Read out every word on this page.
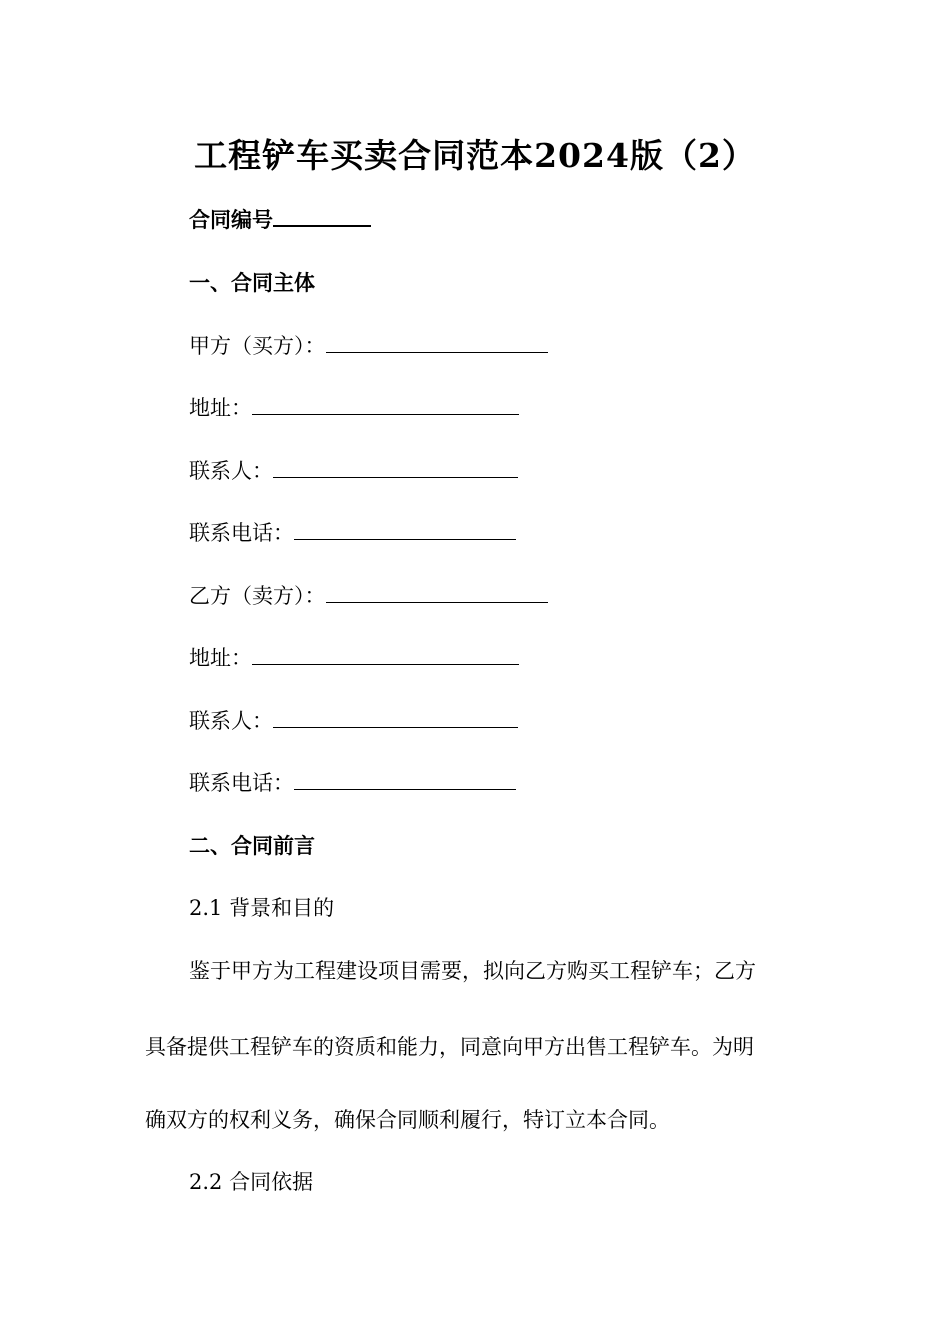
工程铲车买卖合同范本2024版（2）
合同编号
一、合同主体
甲方（买方）：
地址：
联系人：
联系电话：
乙方（卖方）：
地址：
联系人：
联系电话：
二、合同前言
2.1 背景和目的
鉴于甲方为工程建设项目需要，拟向乙方购买工程铲车；乙方
具备提供工程铲车的资质和能力，同意向甲方出售工程铲车。为明
确双方的权利义务，确保合同顺利履行，特订立本合同。
2.2 合同依据
